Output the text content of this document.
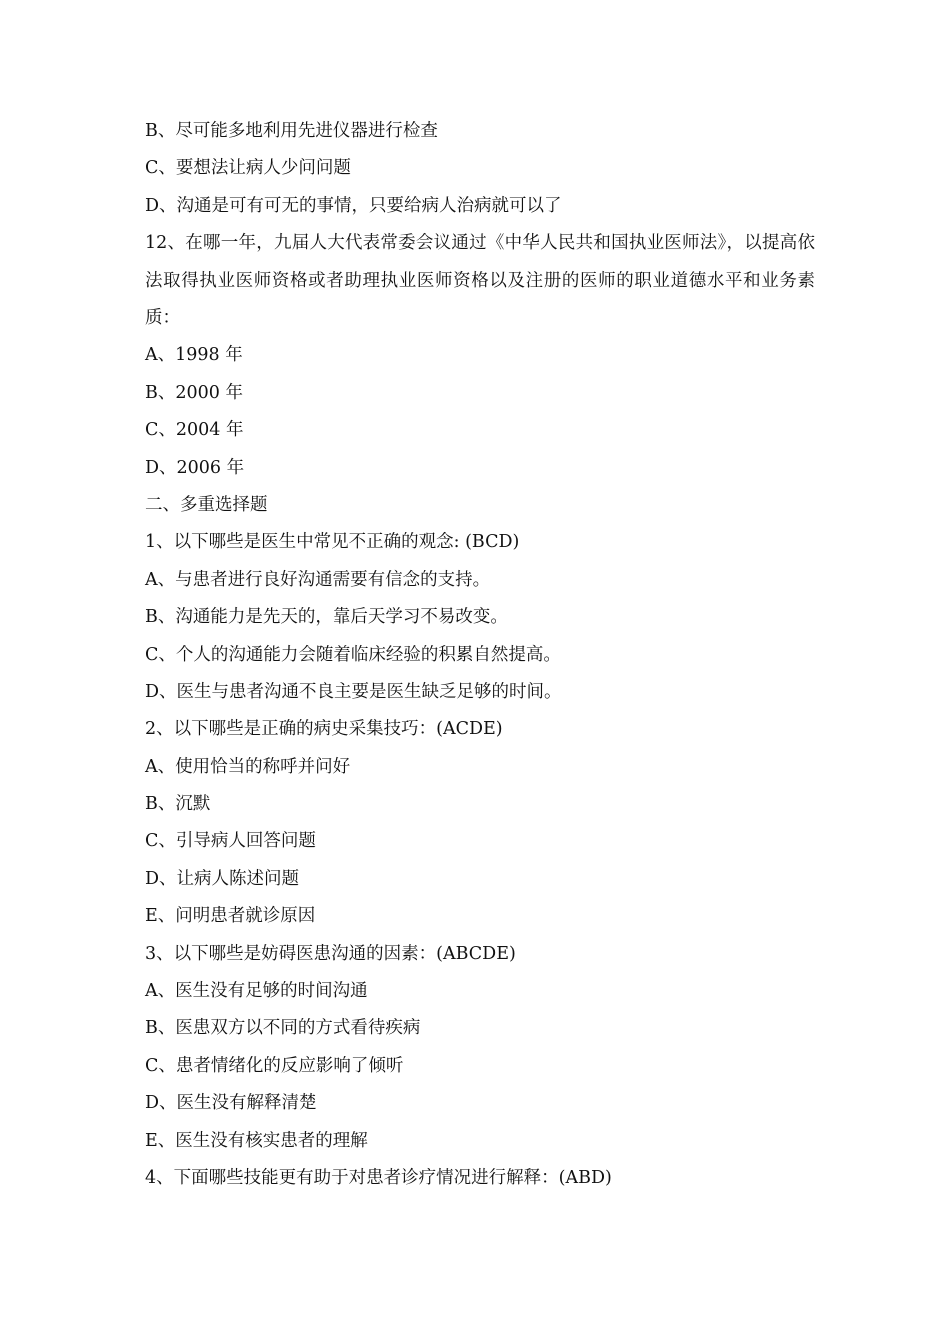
B、尽可能多地利用先进仪器进行检查
C、要想法让病人少问问题
D、沟通是可有可无的事情，只要给病人治病就可以了
12、在哪一年，九届人大代表常委会议通过《中华人民共和国执业医师法》，以提高依法取得执业医师资格或者助理执业医师资格以及注册的医师的职业道德水平和业务素质：
A、1998 年
B、2000 年
C、2004 年
D、2006 年
二、多重选择题
1、以下哪些是医生中常见不正确的观念: (BCD)
A、与患者进行良好沟通需要有信念的支持。
B、沟通能力是先天的，靠后天学习不易改变。
C、个人的沟通能力会随着临床经验的积累自然提高。
D、医生与患者沟通不良主要是医生缺乏足够的时间。
2、以下哪些是正确的病史采集技巧：(ACDE)
A、使用恰当的称呼并问好
B、沉默
C、引导病人回答问题
D、让病人陈述问题
E、问明患者就诊原因
3、以下哪些是妨碍医患沟通的因素：(ABCDE)
A、医生没有足够的时间沟通
B、医患双方以不同的方式看待疾病
C、患者情绪化的反应影响了倾听
D、医生没有解释清楚
E、医生没有核实患者的理解
4、下面哪些技能更有助于对患者诊疗情况进行解释：(ABD)
